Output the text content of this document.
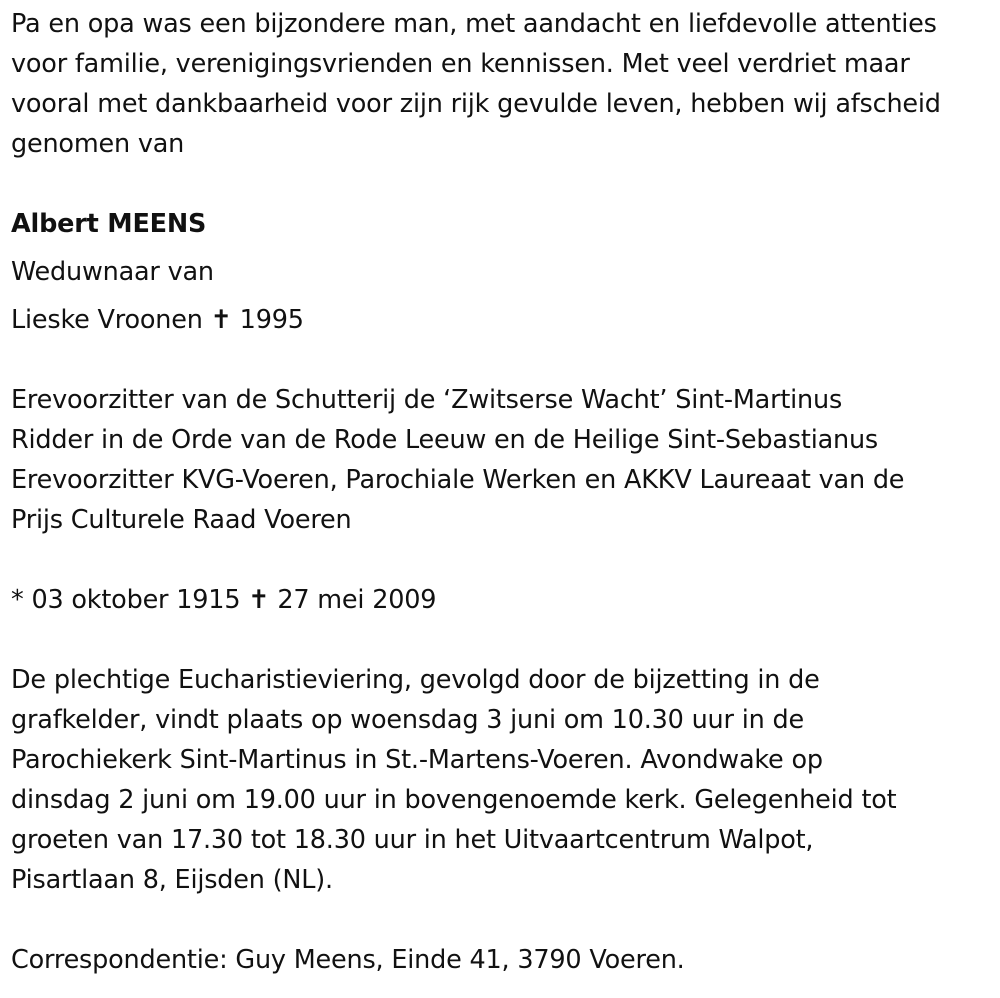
Pa en opa was een bijzondere man, met aandacht en liefdevolle attenties
voor familie, verenigingsvrienden en kennissen. Met veel verdriet maar
vooral met dankbaarheid voor zijn rijk gevulde leven, hebben wij afscheid
genomen van
Albert MEENS
Weduwnaar van
Lieske Vroonen ✝ 1995
Erevoorzitter van de Schutterij de ‘Zwitserse Wacht’ Sint-Martinus
Ridder in de Orde van de Rode Leeuw en de Heilige Sint-Sebastianus
Erevoorzitter KVG-Voeren, Parochiale Werken en AKKV Laureaat van de
Prijs Culturele Raad Voeren
* 03 oktober 1915 ✝ 27 mei 2009
De plechtige Eucharistieviering, gevolgd door de bijzetting in de
grafkelder, vindt plaats op woensdag 3 juni om 10.30 uur in de
Parochiekerk Sint-Martinus in St.-Martens-Voeren. Avondwake op
dinsdag 2 juni om 19.00 uur in bovengenoemde kerk. Gelegenheid tot
groeten van 17.30 tot 18.30 uur in het Uitvaartcentrum Walpot,
Pisartlaan 8, Eijsden (NL).
Correspondentie: Guy Meens, Einde 41, 3790 Voeren.
